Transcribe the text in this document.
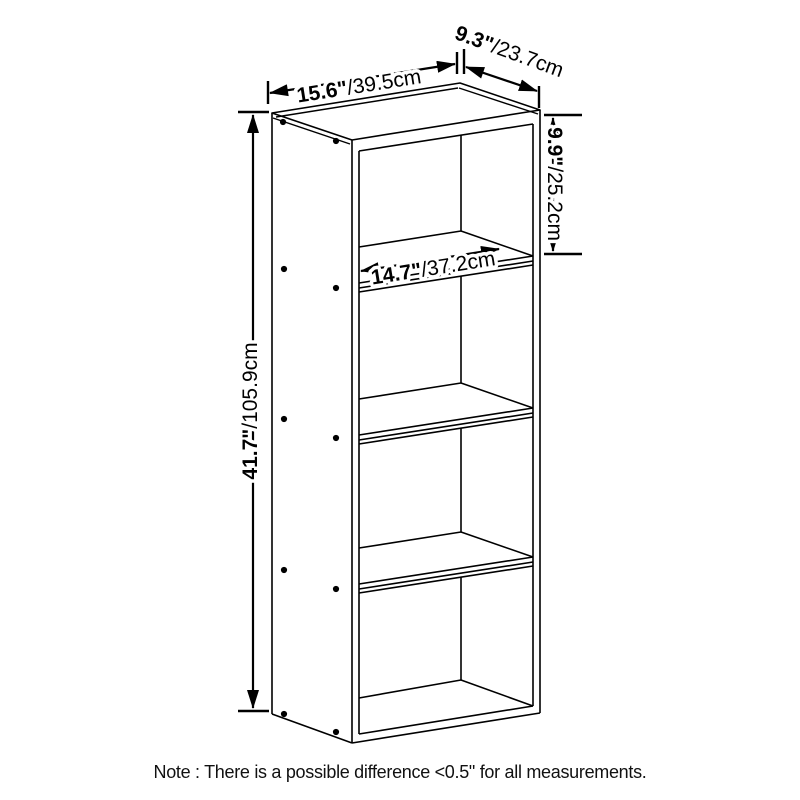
15.6"/39.5cm
9.3"/23.7cm
9.9"/25.2cm
41.7"/105.9cm
14.7"/37.2cm
Note : There is a possible difference <0.5" for all measurements.
